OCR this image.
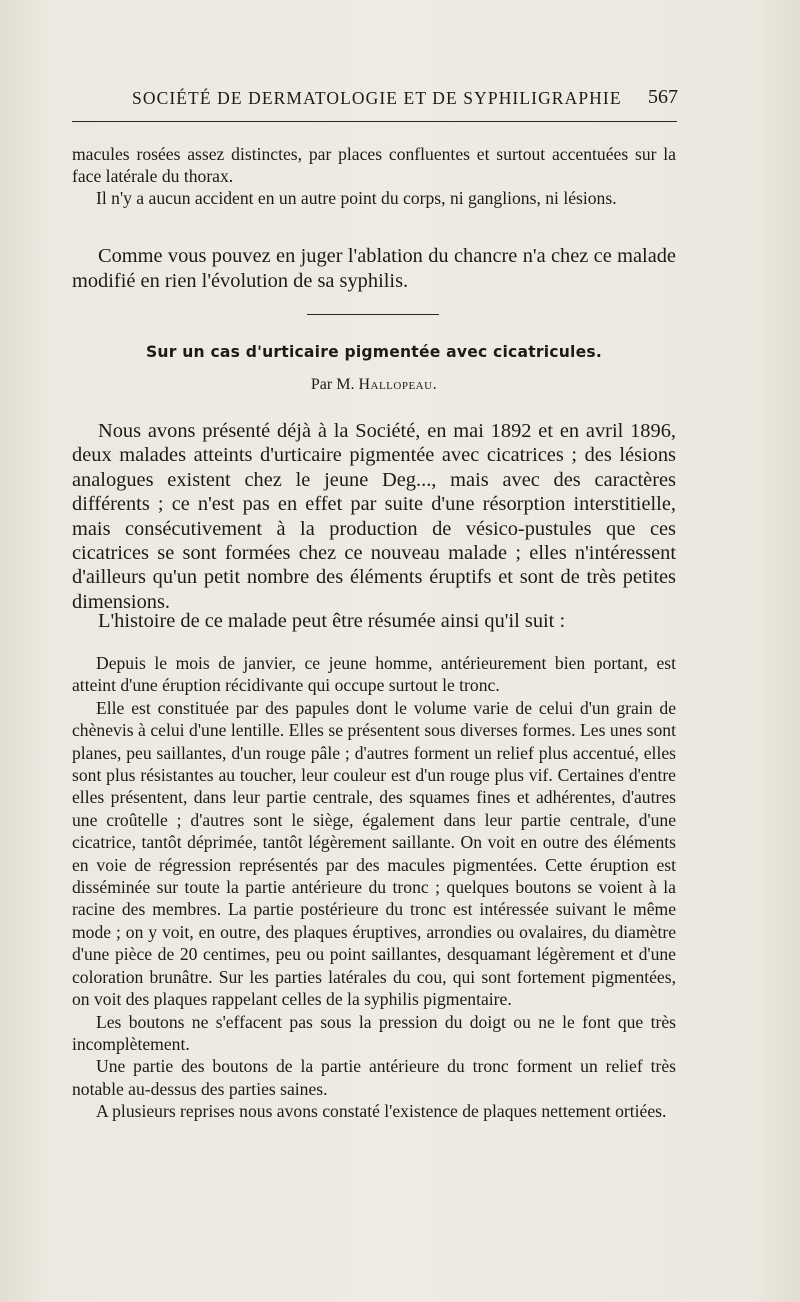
SOCIÉTÉ DE DERMATOLOGIE ET DE SYPHILIGRAPHIE 567
macules rosées assez distinctes, par places confluentes et surtout accentuées sur la face latérale du thorax.
Il n'y a aucun accident en un autre point du corps, ni ganglions, ni lésions.
Comme vous pouvez en juger l'ablation du chancre n'a chez ce malade modifié en rien l'évolution de sa syphilis.
Sur un cas d'urticaire pigmentée avec cicatricules.
Par M. Hallopeau.
Nous avons présenté déjà à la Société, en mai 1892 et en avril 1896, deux malades atteints d'urticaire pigmentée avec cicatrices ; des lésions analogues existent chez le jeune Deg..., mais avec des caractères différents ; ce n'est pas en effet par suite d'une résorption interstitielle, mais consécutivement à la production de vésico-pustules que ces cicatrices se sont formées chez ce nouveau malade ; elles n'intéressent d'ailleurs qu'un petit nombre des éléments éruptifs et sont de très petites dimensions.
L'histoire de ce malade peut être résumée ainsi qu'il suit :

Depuis le mois de janvier, ce jeune homme, antérieurement bien portant, est atteint d'une éruption récidivante qui occupe surtout le tronc.

Elle est constituée par des papules dont le volume varie de celui d'un grain de chènevis à celui d'une lentille. Elles se présentent sous diverses formes. Les unes sont planes, peu saillantes, d'un rouge pâle ; d'autres forment un relief plus accentué, elles sont plus résistantes au toucher, leur couleur est d'un rouge plus vif. Certaines d'entre elles présentent, dans leur partie centrale, des squames fines et adhérentes, d'autres une croûtelle ; d'autres sont le siège, également dans leur partie centrale, d'une cicatrice, tantôt déprimée, tantôt légèrement saillante. On voit en outre des éléments en voie de régression représentés par des macules pigmentées. Cette éruption est disséminée sur toute la partie antérieure du tronc ; quelques boutons se voient à la racine des membres. La partie postérieure du tronc est intéressée suivant le même mode ; on y voit, en outre, des plaques éruptives, arrondies ou ovalaires, du diamètre d'une pièce de 20 centimes, peu ou point saillantes, desquamant légèrement et d'une coloration brunâtre. Sur les parties latérales du cou, qui sont fortement pigmentées, on voit des plaques rappelant celles de la syphilis pigmentaire.

Les boutons ne s'effacent pas sous la pression du doigt ou ne le font que très incomplètement.

Une partie des boutons de la partie antérieure du tronc forment un relief très notable au-dessus des parties saines.

A plusieurs reprises nous avons constaté l'existence de plaques nettement ortiées.
